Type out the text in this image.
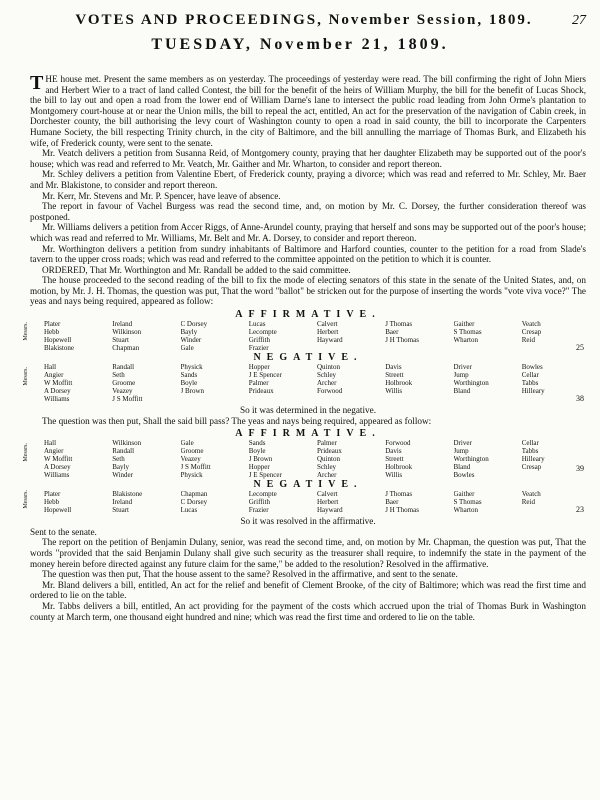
VOTES AND PROCEEDINGS, November Session, 1809.	27
TUESDAY, November 21, 1809.

THE house met. Present the same members as on yesterday. The proceedings of yesterday were read. The bill confirming the right of John Miers and Herbert Wier to a tract of land called Contest, the bill for the benefit of the heirs of William Murphy, the bill for the benefit of Lucas Shock, the bill to lay out and open a road from the lower end of William Darne's lane to intersect the public road leading from John Orme's plantation to Montgomery court-house at or near the Union mills, the bill to repeal the act, entitled, An act for the preservation of the navigation of Cabin creek, in Dorchester county, the bill authorising the levy court of Washington county to open a road in said county, the bill to incorporate the Carpenters Humane Society, the bill respecting Trinity church, in the city of Baltimore, and the bill annulling the marriage of Thomas Burk, and Elizabeth his wife, of Frederick county, were sent to the senate.

Mr. Veatch delivers a petition from Susanna Reid, of Montgomery county, praying that her daughter Elizabeth may be supported out of the poor's house; which was read and referred to Mr. Veatch, Mr. Gaither and Mr. Wharton, to consider and report thereon.

Mr. Schley delivers a petition from Valentine Ebert, of Frederick county, praying a divorce; which was read and referred to Mr. Schley, Mr. Baer and Mr. Blakistone, to consider and report thereon.

Mr. Kerr, Mr. Stevens and Mr. P. Spencer, have leave of absence.

The report in favour of Vachel Burgess was read the second time, and, on motion by Mr. C. Dorsey, the further consideration thereof was postponed.

Mr. Williams delivers a petition from Accer Riggs, of Anne-Arundel county, praying that herself and sons may be supported out of the poor's house; which was read and referred to Mr. Williams, Mr. Belt and Mr. A. Dorsey, to consider and report thereon.

Mr. Worthington delivers a petition from sundry inhabitants of Baltimore and Harford counties, counter to the petition for a road from Slade's tavern to the upper cross roads; which was read and referred to the committee appointed on the petition to which it is counter.

ORDERED, That Mr. Worthington and Mr. Randall be added to the said committee.

The house proceeded to the second reading of the bill to fix the mode of electing senators of this state in the senate of the United States, and, on motion, by Mr. J. H. Thomas, the question was put, That the word "ballot" be stricken out for the purpose of inserting the words "vote viva voce?" The yeas and nays being required, appeared as follow:

AFFIRMATIVE.
Messrs. Plater
Hebb
Hopewell
Blakistone
Ireland
Wilkinson
Stuart
Chapman
C Dorsey
Bayly
Winder
Gale
Lucas
Lecompte
Griffith
Frazier
Calvert
Herbert
Hayward
J Thomas
Baer
J H Thomas
Gaither
S Thomas
Wharton
Veatch
Cresap
Reid
25
NEGATIVE.
Messrs. Hall
Angier
W Moffitt
A Dorsey
Williams
Randall
Seth
Groome
Veazey
J S Moffitt
Physick
Sands
Boyle
J Brown
Hopper
J E Spencer
Palmer
Prideaux
Quinton
Schley
Archer
Forwood
Davis
Streett
Holbrook
Willis
Driver
Jump
Worthington
Bland
Bowles
Cellar
Tabbs
Hilleary
38

So it was determined in the negative.

The question was then put, Shall the said bill pass? The yeas and nays being required, appeared as follow:

AFFIRMATIVE.
Messrs. Hall
Angier
W Moffitt
A Dorsey
Williams
Wilkinson
Randall
Seth
Bayly
Winder
Gale
Groome
Veazey
J S Moffitt
Physick
Sands
Boyle
J Brown
Hopper
J E Spencer
Palmer
Prideaux
Quinton
Schley
Archer
Forwood
Davis
Streett
Holbrook
Willis
Driver
Jump
Worthington
Bland
Bowles
Cellar
Tabbs
Hilleary
Cresap	39
NEGATIVE.
Messrs. Plater
Hebb
Hopewell
Blakistone
Ireland
Stuart
Chapman
C Dorsey
Lucas
Lecompte
Griffith
Frazier
Calvert
Herbert
Hayward
J Thomas
Baer
J H Thomas
Gaither
S Thomas
Wharton
Veatch
Reid
23

So it was resolved in the affirmative.

Sent to the senate.

The report on the petition of Benjamin Dulany, senior, was read the second time, and, on motion by Mr. Chapman, the question was put, That the words "provided that the said Benjamin Dulany shall give such security as the treasurer shall require, to indemnify the state in the payment of the money herein before directed against any future claim for the same," be added to the resolution? Resolved in the affirmative.

The question was then put, That the house assent to the same? Resolved in the affirmative, and sent to the senate.

Mr. Bland delivers a bill, entitled, An act for the relief and benefit of Clement Brooke, of the city of Baltimore; which was read the first time and ordered to lie on the table.

Mr. Tabbs delivers a bill, entitled, An act providing for the payment of the costs which accrued upon the trial of Thomas Burk in Washington county at March term, one thousand eight hundred and nine; which was read the first time and ordered to lie on the table.
